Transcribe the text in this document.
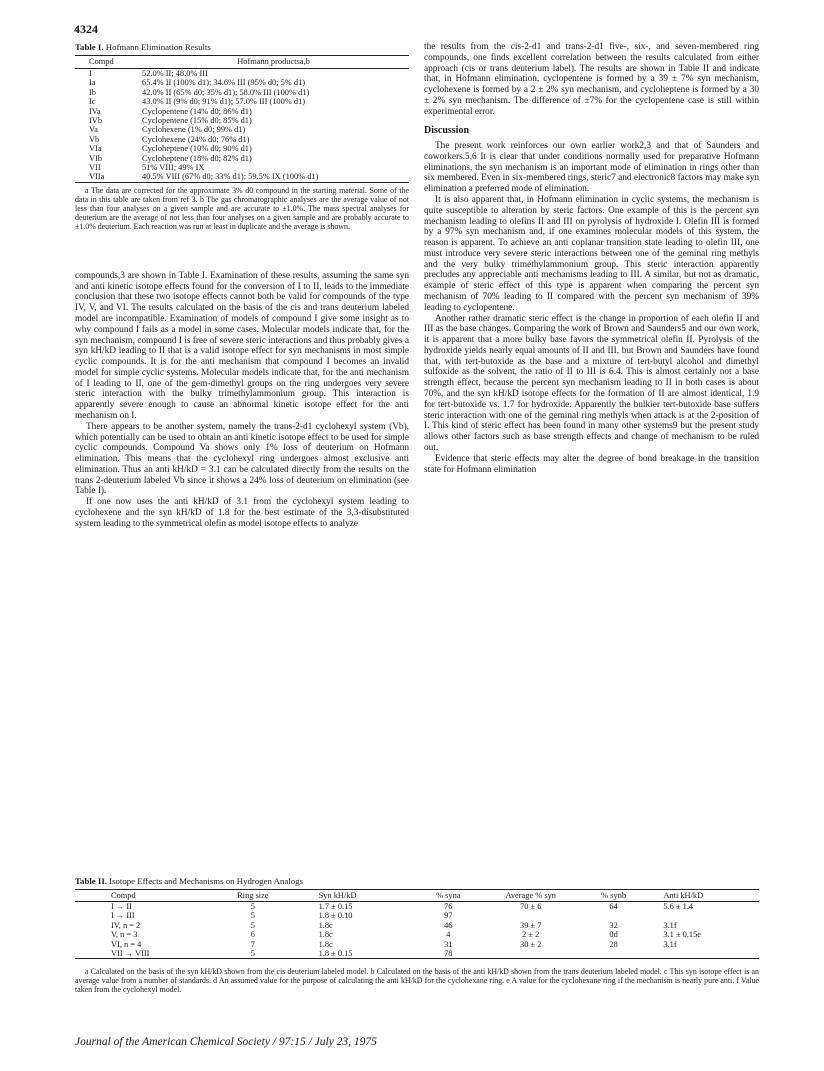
4324
Table I. Hofmann Elimination Results
Compd	Hofmann productsa,b
I	52.0% II; 48.0% III
Ia	65.4% II (100% d1); 34.6% III (95% d0; 5% d1)
Ib	42.0% II (65% d0; 35% d1); 58.0% III (100% d1)
Ic	43.0% II (9% d0; 91% d1); 57.0% III (100% d1)
IVa	Cyclopentene (14% d0; 86% d1)
IVb	Cyclopentene (15% d0; 85% d1)
Va	Cyclohexene (1% d0; 99% d1)
Vb	Cyclohexene (24% d0; 76% d1)
VIa	Cycloheptene (10% d0; 90% d1)
VIb	Cycloheptene (18% d0; 82% d1)
VII	51% VIII; 49% IX
VIIa	40.5% VIII (67% d0; 33% d1); 59.5% IX (100% d1)

a The data are corrected for the approximate 3% d0 compound in the starting material. Some of the data in this table are taken from ref 3. b The gas chromatographic analyses are the average value of not less than four analyses on a given sample and are accurate to ±1.0%. The mass spectral analyses for deuterium are the average of not less than four analyses on a given sample and are probably accurate to ±1.0% deuterium. Each reaction was run at least in duplicate and the average is shown.

compounds,3 are shown in Table I. Examination of these results, assuming the same syn and anti kinetic isotope effects found for the conversion of I to II, leads to the immediate conclusion that these two isotope effects cannot both be valid for compounds of the type IV, V, and VI. The results calculated on the basis of the cis and trans deuterium labeled model are incompatible. Examination of models of compound I give some insight as to why compound I fails as a model in some cases. Molecular models indicate that, for the syn mechanism, compound I is free of severe steric interactions and thus probably gives a syn kH/kD leading to II that is a valid isotope effect for syn mechanisms in most simple cyclic compounds. It is for the anti mechanism that compound I becomes an invalid model for simple cyclic systems. Molecular models indicate that, for the anti mechanism of I leading to II, one of the gem-dimethyl groups on the ring undergoes very severe steric interaction with the bulky trimethylammonium group. This interaction is apparently severe enough to cause an abnormal kinetic isotope effect for the anti mechanism on I.

There appears to be another system, namely the trans-2-d1 cyclohexyl system (Vb), which potentially can be used to obtain an anti kinetic isotope effect to be used for simple cyclic compounds. Compound Va shows only 1% loss of deuterium on Hofmann elimination. This means that the cyclohexyl ring undergoes almost exclusive anti elimination. Thus an anti kH/kD = 3.1 can be calculated directly from the results on the trans 2-deuterium labeled Vb since it shows a 24% loss of deuterium on elimination (see Table I).

If one now uses the anti kH/kD of 3.1 from the cyclohexyl system leading to cyclohexene and the syn kH/kD of 1.8 for the best estimate of the 3,3-disubstituted system leading to the symmetrical olefin as model isotope effects to analyze

the results from the cis-2-d1 and trans-2-d1 five-, six-, and seven-membered ring compounds, one finds excellent correlation between the results calculated from either approach (cis or trans deuterium label). The results are shown in Table II and indicate that, in Hofmann elimination, cyclopentene is formed by a 39 ± 7% syn mechanism, cyclohexene is formed by a 2 ± 2% syn mechanism, and cycloheptene is formed by a 30 ± 2% syn mechanism. The difference of ±7% for the cyclopentene case is still within experimental error.

Discussion

The present work reinforces our own earlier work2,3 and that of Saunders and coworkers.5,6 It is clear that under conditions normally used for preparative Hofmann eliminations, the syn mechanism is an important mode of elimination in rings other than six membered. Even in six-membered rings, steric7 and electronic8 factors may make syn elimination a preferred mode of elimination.

It is also apparent that, in Hofmann elimination in cyclic systems, the mechanism is quite susceptible to alteration by steric factors. One example of this is the percent syn mechanism leading to olefins II and III on pyrolysis of hydroxide I. Olefin III is formed by a 97% syn mechanism and, if one examines molecular models of this system, the reason is apparent. To achieve an anti coplanar transition state leading to olefin III, one must introduce very severe steric interactions between one of the geminal ring methyls and the very bulky trimethylammonium group. This steric interaction apparently precludes any appreciable anti mechanisms leading to III. A similar, but not as dramatic, example of steric effect of this type is apparent when comparing the percent syn mechanism of 70% leading to II compared with the percent syn mechanism of 39% leading to cyclopentene.

Another rather dramatic steric effect is the change in proportion of each olefin II and III as the base changes. Comparing the work of Brown and Saunders5 and our own work, it is apparent that a more bulky base favors the symmetrical olefin II. Pyrolysis of the hydroxide yields nearly equal amounts of II and III, but Brown and Saunders have found that, with tert-butoxide as the base and a mixture of tert-butyl alcohol and dimethyl sulfoxide as the solvent, the ratio of II to III is 6.4. This is almost certainly not a base strength effect, because the percent syn mechanism leading to II in both cases is about 70%, and the syn kH/kD isotope effects for the formation of II are almost identical, 1.9 for tert-butoxide vs. 1.7 for hydroxide. Apparently the bulkier tert-butoxide base suffers steric interaction with one of the geminal ring methyls when attack is at the 2-position of I. This kind of steric effect has been found in many other systems9 but the present study allows other factors such as base strength effects and change of mechanism to be ruled out.

Evidence that steric effects may alter the degree of bond breakage in the transition state for Hofmann elimination

Table II. Isotope Effects and Mechanisms on Hydrogen Analogs
Compd	Ring size	Syn kH/kD	% syna	Average % syn	% synb	Anti kH/kD
I → II	5	1.7 ± 0.15	76	70 ± 6	64	5.6 ± 1.4
I → III	5	1.8 ± 0.10	97			
IV, n = 2	5	1.8c	46	39 ± 7	32	3.1f
V, n = 3	6	1.8c	4	2 ± 2	0d	3.1 ± 0.15e
VI, n = 4	7	1.8c	31	30 ± 2	28	3.1f
VII → VIII	5	1.8 ± 0.15	78			

a Calculated on the basis of the syn kH/kD shown from the cis deuterium labeled model. b Calculated on the basis of the anti kH/kD shown from the trans deuterium labeled model. c This syn isotope effect is an average value from a number of standards. d An assumed value for the purpose of calculating the anti kH/kD for the cyclohexane ring. e A value for the cyclohexane ring if the mechanism is nearly pure anti. f Value taken from the cyclohexyl model.

Journal of the American Chemical Society / 97:15 / July 23, 1975
